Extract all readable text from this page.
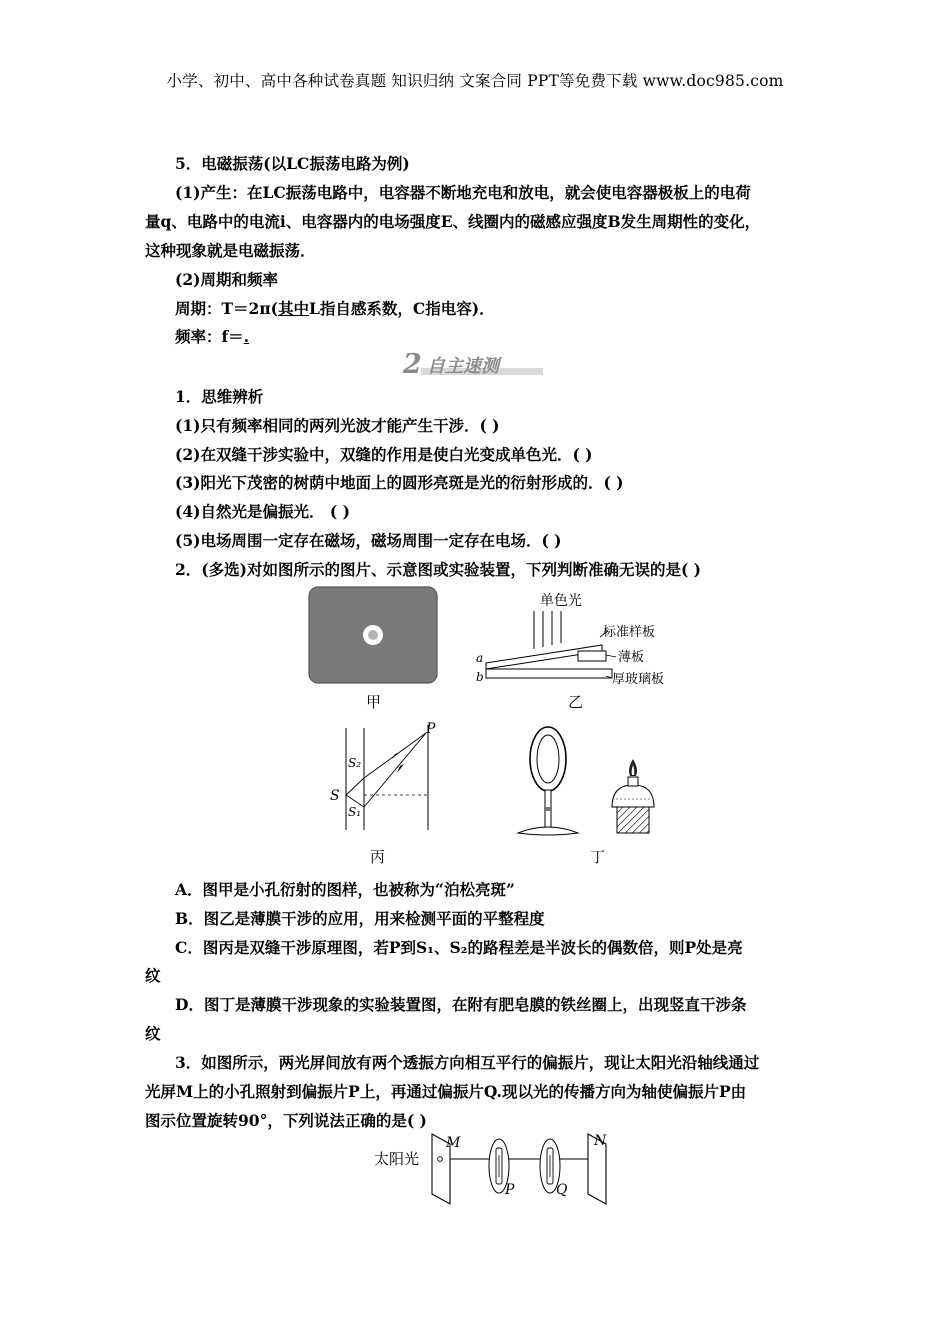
小学、初中、高中各种试卷真题 知识归纳 文案合同 PPT等免费下载 www.doc985.com
5．电磁振荡(以LC振荡电路为例)
(1)产生：在LC振荡电路中，电容器不断地充电和放电，就会使电容器极板上的电荷
量q、电路中的电流i、电容器内的电场强度E、线圈内的磁感应强度B发生周期性的变化，
这种现象就是电磁振荡．
(2)周期和频率
周期：T＝2π(其中L指自感系数，C指电容)．
频率：f＝.
2 自主速测
1．思维辨析
(1)只有频率相同的两列光波才能产生干涉．( )
(2)在双缝干涉实验中，双缝的作用是使白光变成单色光．( )
(3)阳光下茂密的树荫中地面上的圆形亮斑是光的衍射形成的．( )
(4)自然光是偏振光． ( )
(5)电场周围一定存在磁场，磁场周围一定存在电场．( )
2．(多选)对如图所示的图片、示意图或实验装置，下列判断准确无误的是( )
甲
单色光
标准样板
薄板
厚玻璃板
a
b
乙
S
S₂
S₁
P
丙	丁
A．图甲是小孔衍射的图样，也被称为“泊松亮斑”
B．图乙是薄膜干涉的应用，用来检测平面的平整程度
C．图丙是双缝干涉原理图，若P到S₁、S₂的路程差是半波长的偶数倍，则P处是亮
纹
D．图丁是薄膜干涉现象的实验装置图，在附有肥皂膜的铁丝圈上，出现竖直干涉条
纹
3．如图所示，两光屏间放有两个透振方向相互平行的偏振片，现让太阳光沿轴线通过
光屏M上的小孔照射到偏振片P上，再通过偏振片Q.现以光的传播方向为轴使偏振片P由
图示位置旋转90°，下列说法正确的是( )
太阳光
M
P	Q
N
